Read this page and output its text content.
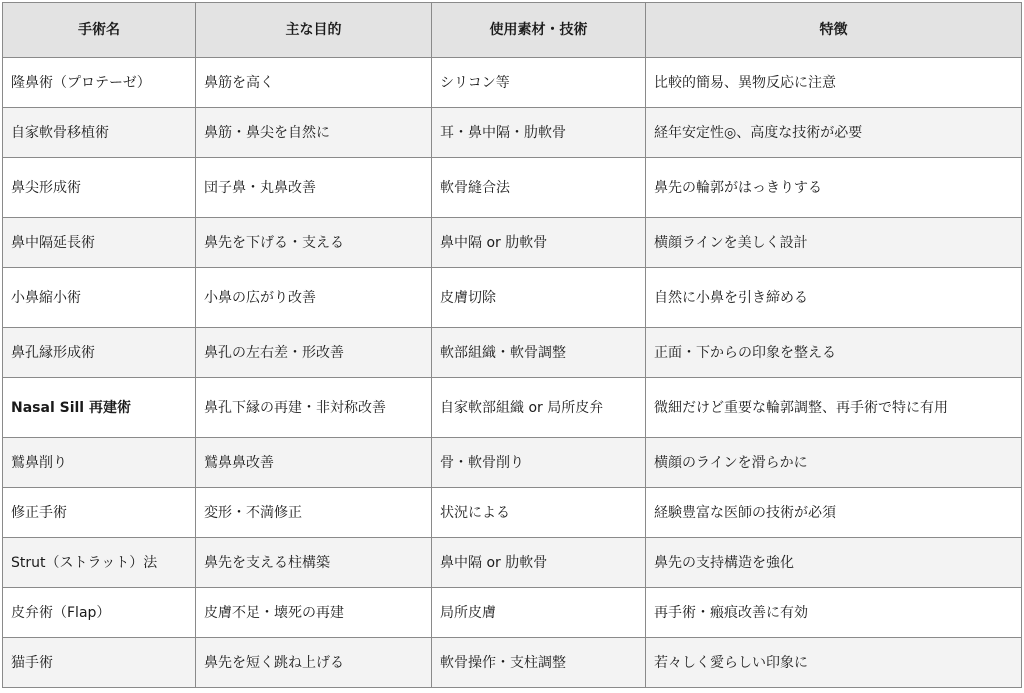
手術名	主な目的	使用素材・技術	特徴
隆鼻術（プロテーゼ）	鼻筋を高く	シリコン等	比較的簡易、異物反応に注意
自家軟骨移植術	鼻筋・鼻尖を自然に	耳・鼻中隔・肋軟骨	経年安定性◎、高度な技術が必要
鼻尖形成術	団子鼻・丸鼻改善	軟骨縫合法	鼻先の輪郭がはっきりする
鼻中隔延長術	鼻先を下げる・支える	鼻中隔 or 肋軟骨	横顔ラインを美しく設計
小鼻縮小術	小鼻の広がり改善	皮膚切除	自然に小鼻を引き締める
鼻孔縁形成術	鼻孔の左右差・形改善	軟部組織・軟骨調整	正面・下からの印象を整える
Nasal Sill 再建術	鼻孔下縁の再建・非対称改善	自家軟部組織 or 局所皮弁	微細だけど重要な輪郭調整、再手術で特に有用
鷲鼻削り	鷲鼻鼻改善	骨・軟骨削り	横顔のラインを滑らかに
修正手術	変形・不満修正	状況による	経験豊富な医師の技術が必須
Strut（ストラット）法	鼻先を支える柱構築	鼻中隔 or 肋軟骨	鼻先の支持構造を強化
皮弁術（Flap）	皮膚不足・壊死の再建	局所皮膚	再手術・瘢痕改善に有効
猫手術	鼻先を短く跳ね上げる	軟骨操作・支柱調整	若々しく愛らしい印象に
